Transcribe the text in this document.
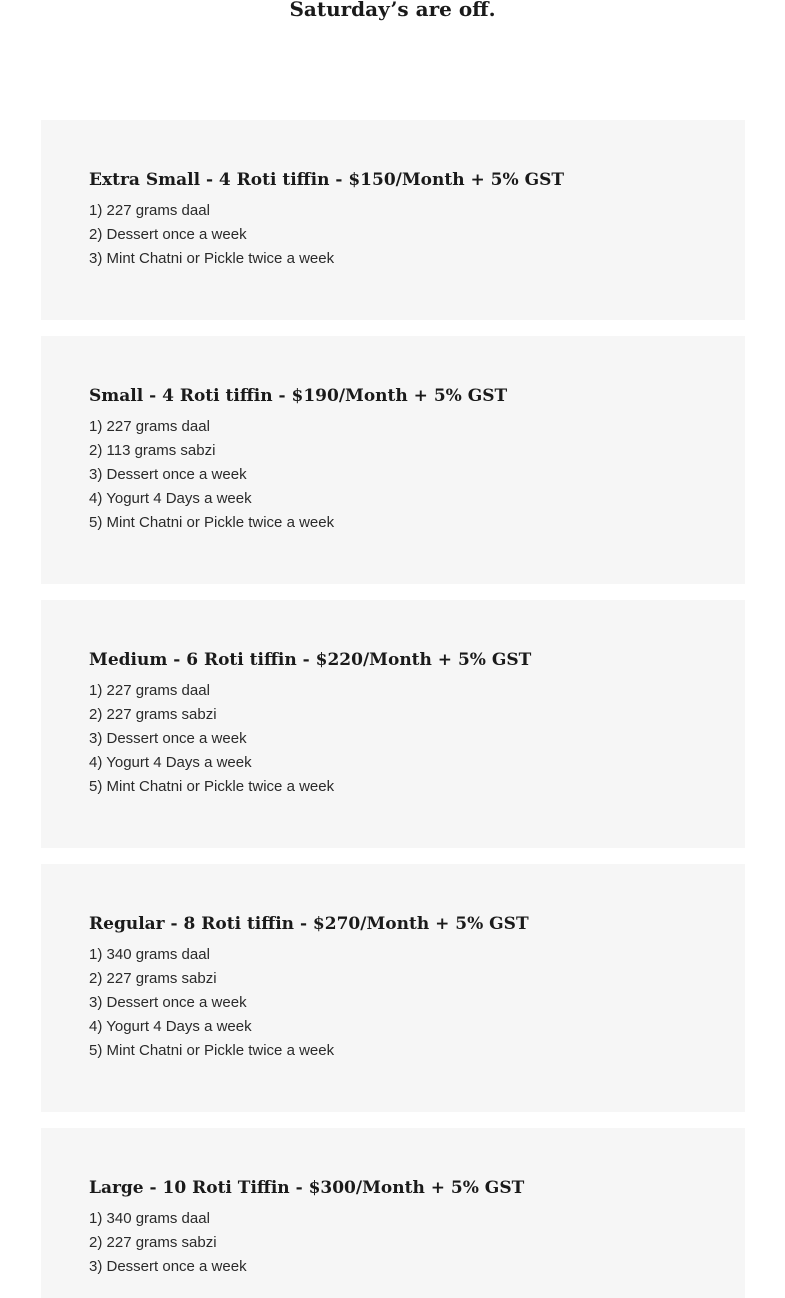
Saturday’s are off.

Extra Small - 4 Roti tiffin - $150/Month + 5% GST
1) 227 grams daal
2) Dessert once a week
3) Mint Chatni or Pickle twice a week
Small - 4 Roti tiffin - $190/Month + 5% GST
1) 227 grams daal
2) 113 grams sabzi
3) Dessert once a week
4) Yogurt 4 Days a week
5) Mint Chatni or Pickle twice a week
Medium - 6 Roti tiffin - $220/Month + 5% GST
1) 227 grams daal
2) 227 grams sabzi
3) Dessert once a week
4) Yogurt 4 Days a week
5) Mint Chatni or Pickle twice a week
Regular - 8 Roti tiffin - $270/Month + 5% GST
1) 340 grams daal
2) 227 grams sabzi
3) Dessert once a week
4) Yogurt 4 Days a week
5) Mint Chatni or Pickle twice a week
Large - 10 Roti Tiffin - $300/Month + 5% GST
1) 340 grams daal
2) 227 grams sabzi
3) Dessert once a week
